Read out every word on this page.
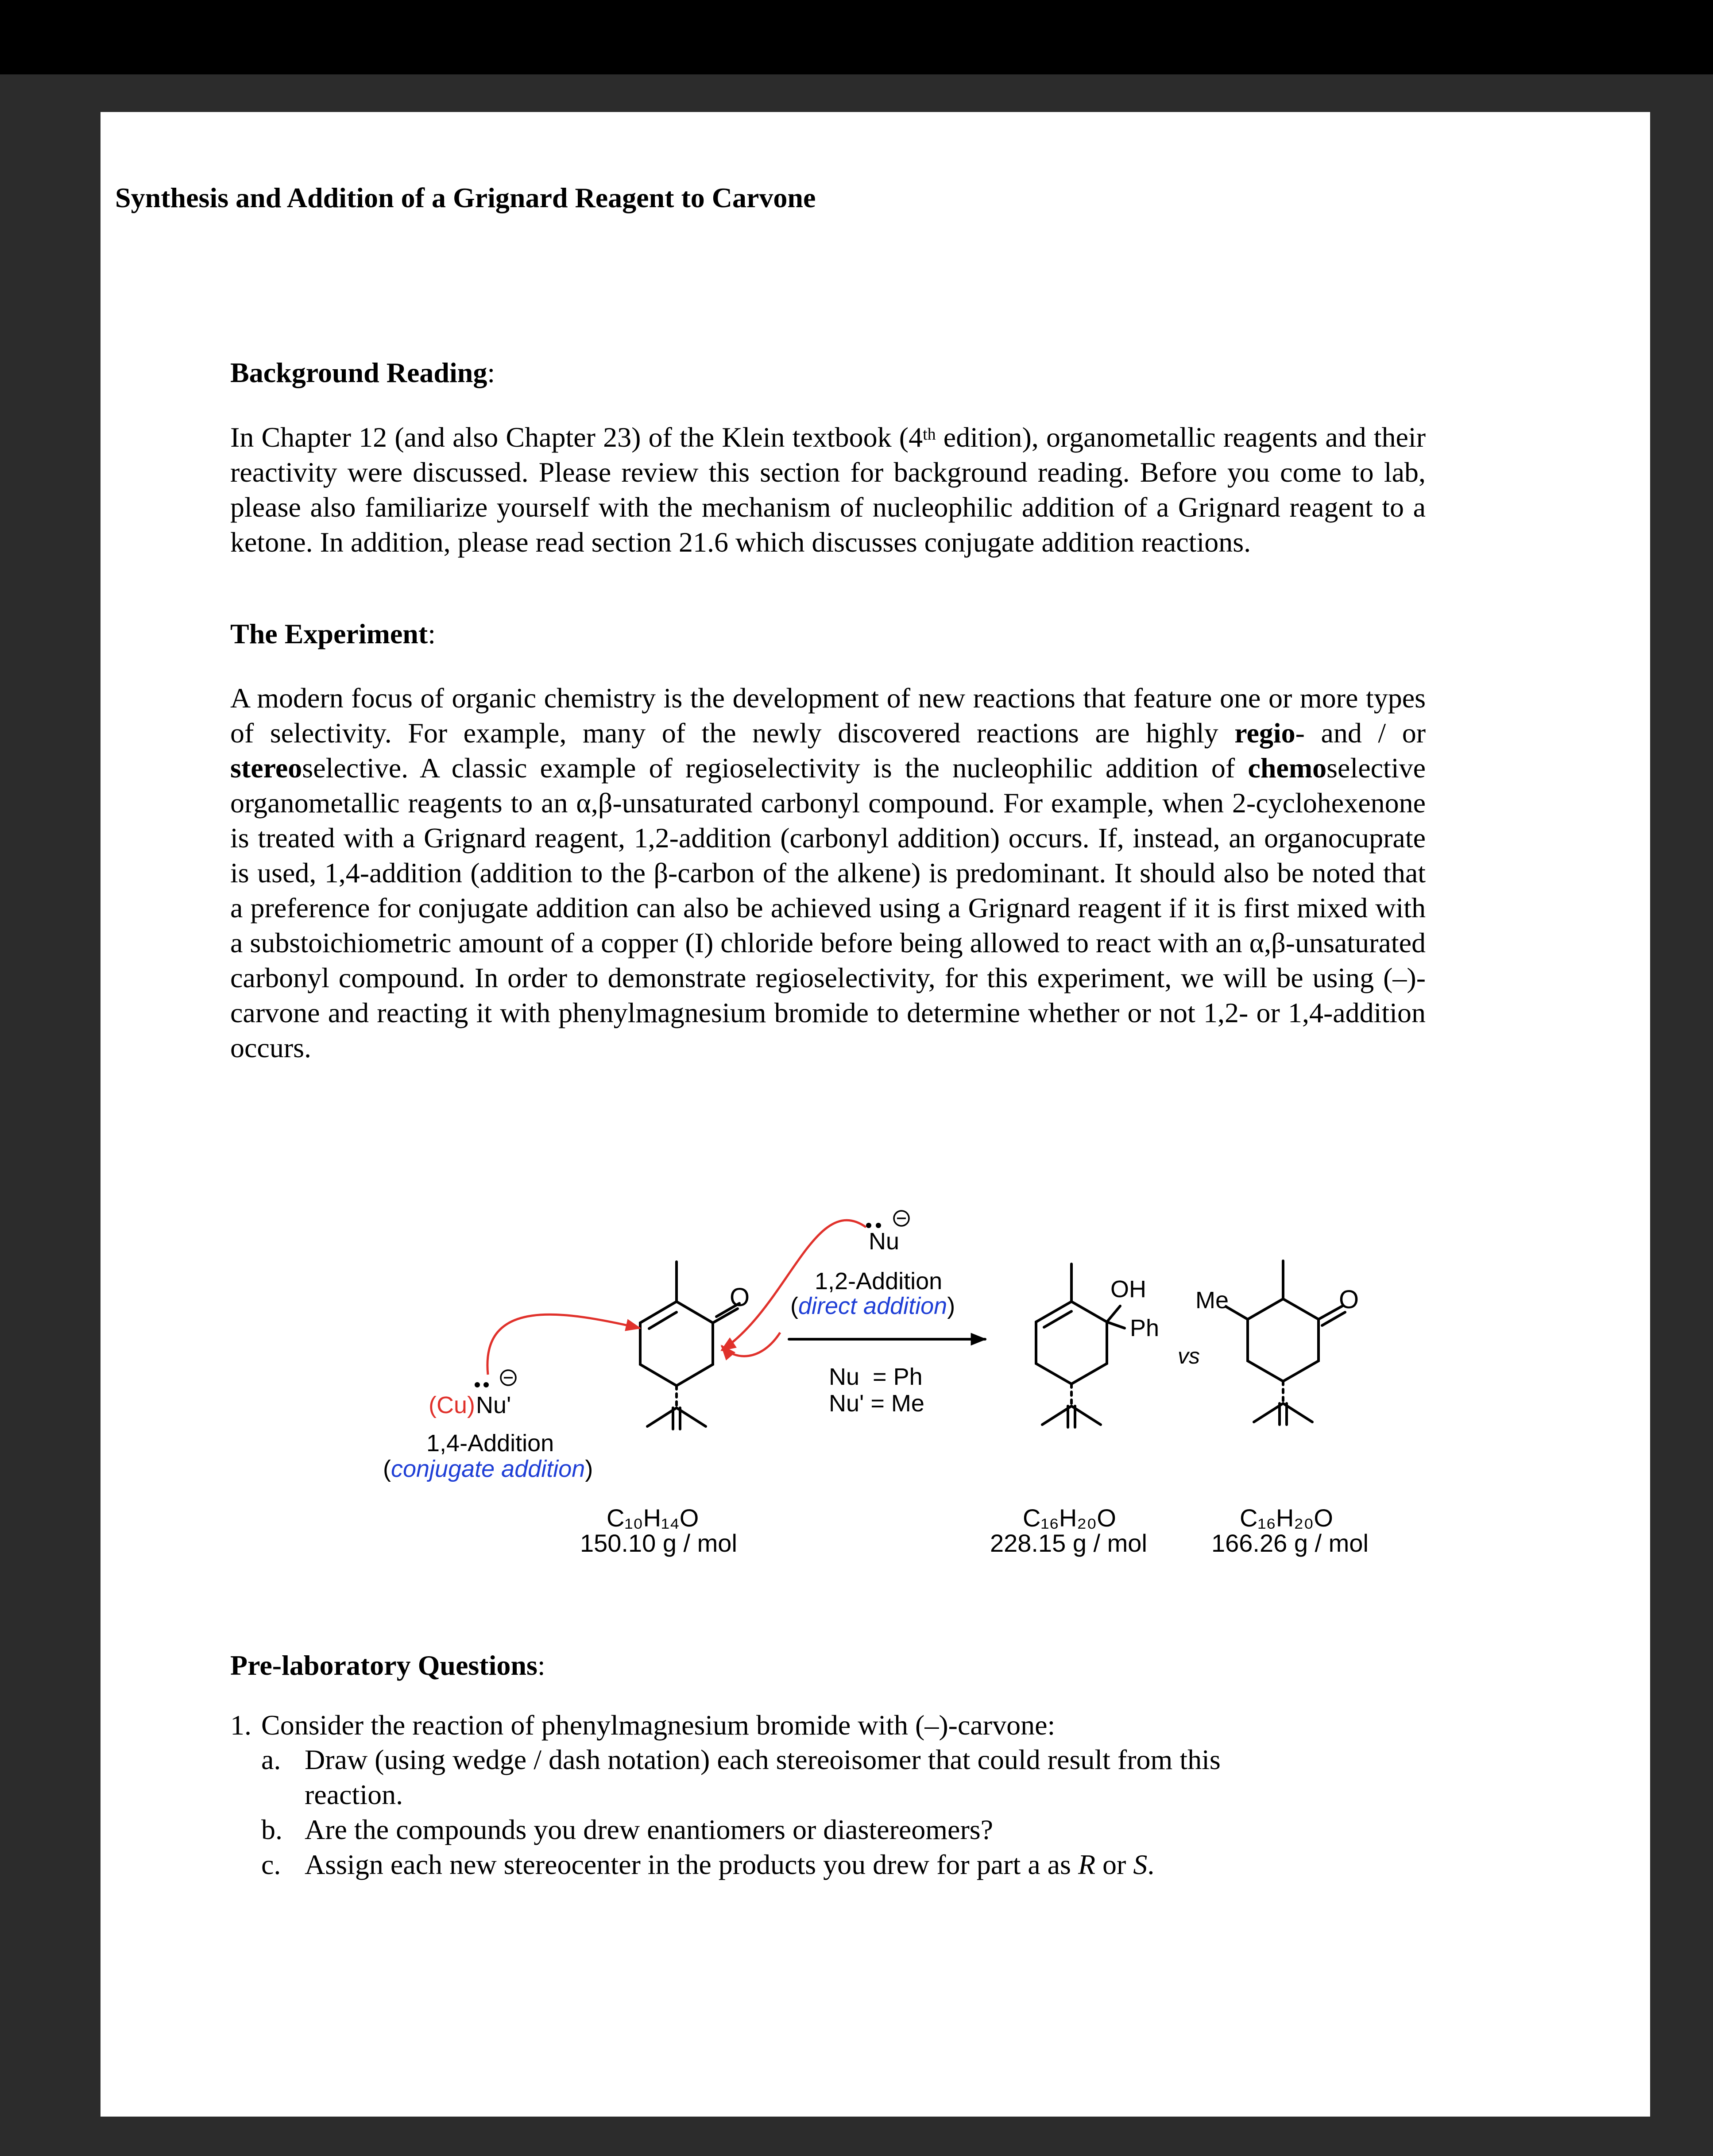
Synthesis and Addition of a Grignard Reagent to Carvone
Background Reading:
In Chapter 12 (and also Chapter 23) of the Klein textbook (4th edition), organometallic reagents and their reactivity were discussed. Please review this section for background reading. Before you come to lab, please also familiarize yourself with the mechanism of nucleophilic addition of a Grignard reagent to a ketone. In addition, please read section 21.6 which discusses conjugate addition reactions.
The Experiment:
A modern focus of organic chemistry is the development of new reactions that feature one or more types of selectivity. For example, many of the newly discovered reactions are highly regio- and / or stereoselective. A classic example of regioselectivity is the nucleophilic addition of chemoselective organometallic reagents to an α,β-unsaturated carbonyl compound. For example, when 2-cyclohexenone is treated with a Grignard reagent, 1,2-addition (carbonyl addition) occurs. If, instead, an organocuprate is used, 1,4-addition (addition to the β-carbon of the alkene) is predominant. It should also be noted that a preference for conjugate addition can also be achieved using a Grignard reagent if it is first mixed with a substoichiometric amount of a copper (I) chloride before being allowed to react with an α,β-unsaturated carbonyl compound. In order to demonstrate regioselectivity, for this experiment, we will be using (–)-carvone and reacting it with phenylmagnesium bromide to determine whether or not 1,2- or 1,4-addition occurs.
Nu
1,2-Addition
(direct addition)
Nu  = Ph
Nu' = Me
(Cu) Nu'
1,4-Addition
(conjugate addition)
O	OH
Ph
Me	O
vs
C₁₀H₁₄O
150.10 g / mol
C₁₆H₂₀O
228.15 g / mol
C₁₆H₂₀O
166.26 g / mol
Pre-laboratory Questions:
1. Consider the reaction of phenylmagnesium bromide with (–)-carvone:
a. Draw (using wedge / dash notation) each stereoisomer that could result from this
reaction.
b. Are the compounds you drew enantiomers or diastereomers?
c. Assign each new stereocenter in the products you drew for part a as R or S.
